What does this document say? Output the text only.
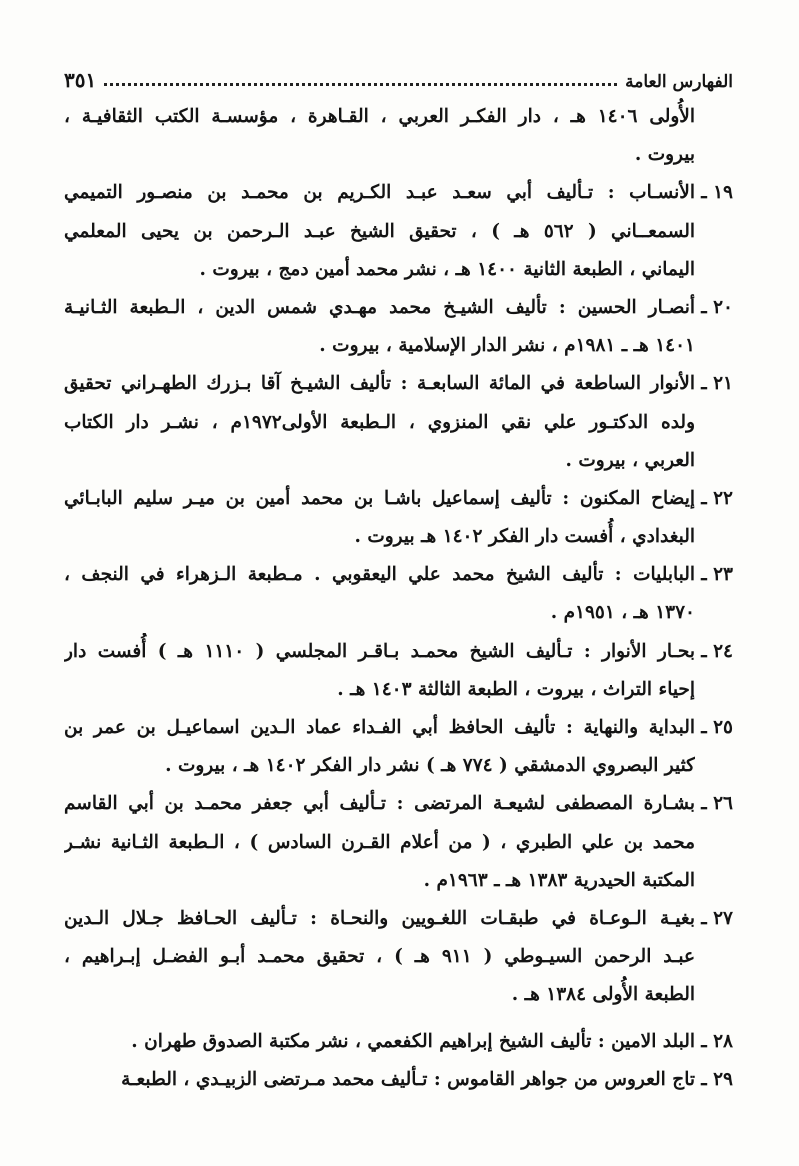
الفهارس العامة
٣٥١
الأُولى ١٤٠٦ هـ ، دار الفكـر العربي ، القـاهرة ، مؤسسـة الكتب الثقافيـة ،
بيروت .
١٩ ـ
الأنسـاب : تـأليف أبي سعـد عبـد الكـريم بن محمـد بن منصـور التميمي
السمعــاني ( ٥٦٢ هـ ) ، تحقيق الشيخ عبـد الـرحمن بن يحيى المعلمي
اليماني ، الطبعة الثانية ١٤٠٠ هـ ، نشر محمد أمين دمج ، بيروت .
٢٠ ـ
أنصـار الحسين : تأليف الشيـخ محمد مهـدي شمس الدين ، الـطبعة الثـانيـة
١٤٠١ هـ ـ ١٩٨١م ، نشر الدار الإسلامية ، بيروت .
٢١ ـ
الأنوار الساطعة في المائة السابعـة : تأليف الشيـخ آقا بـزرك الطهـراني تحقيق
ولده الدكتـور علي نقي المنزوي ، الـطبعة الأولى١٩٧٢م ، نشـر دار الكتاب
العربي ، بيروت .
٢٢ ـ
إيضاح المكنون : تأليف إسماعيل باشـا بن محمد أمين بن ميـر سليم البابـائي
البغدادي ، أُفست دار الفكر ١٤٠٢ هـ بيروت .
٢٣ ـ
البابليات : تأليف الشيخ محمد علي اليعقوبي . مـطبعة الـزهراء في النجف ،
١٣٧٠ هـ ، ١٩٥١م .
٢٤ ـ
بحـار الأنوار : تـأليف الشيخ محمـد بـاقـر المجلسي ( ١١١٠ هـ ) أُفست دار
إحياء التراث ، بيروت ، الطبعة الثالثة ١٤٠٣ هـ .
٢٥ ـ
البداية والنهاية : تأليف الحافظ أبي الفـداء عماد الـدين اسماعيـل بن عمر بن
كثير البصروي الدمشقي ( ٧٧٤ هـ ) نشر دار الفكر ١٤٠٢ هـ ، بيروت .
٢٦ ـ
بشـارة المصطفى لشيعـة المرتضى : تـأليف أبي جعفر محمـد بن أبي القاسم
محمد بن علي الطبري ، ( من أعلام القـرن السادس ) ، الـطبعة الثـانية نشـر
المكتبة الحيدرية ١٣٨٣ هـ ـ ١٩٦٣م .
٢٧ ـ
بغيـة الـوعـاة في طبقـات اللغـويين والنحـاة : تـأليف الحـافظ جـلال الـدين
عبـد الرحمن السيـوطي ( ٩١١ هـ ) ، تحقيق محمـد أبـو الفضـل إبـراهيم ،
الطبعة الأُولى ١٣٨٤ هـ .
٢٨ ـ
البلد الامين : تأليف الشيخ إبراهيم الكفعمي ، نشر مكتبة الصدوق طهران .
٢٩ ـ
تاج العروس من جواهر القاموس : تـأليف محمد مـرتضى الزبيـدي ، الطبعـة
